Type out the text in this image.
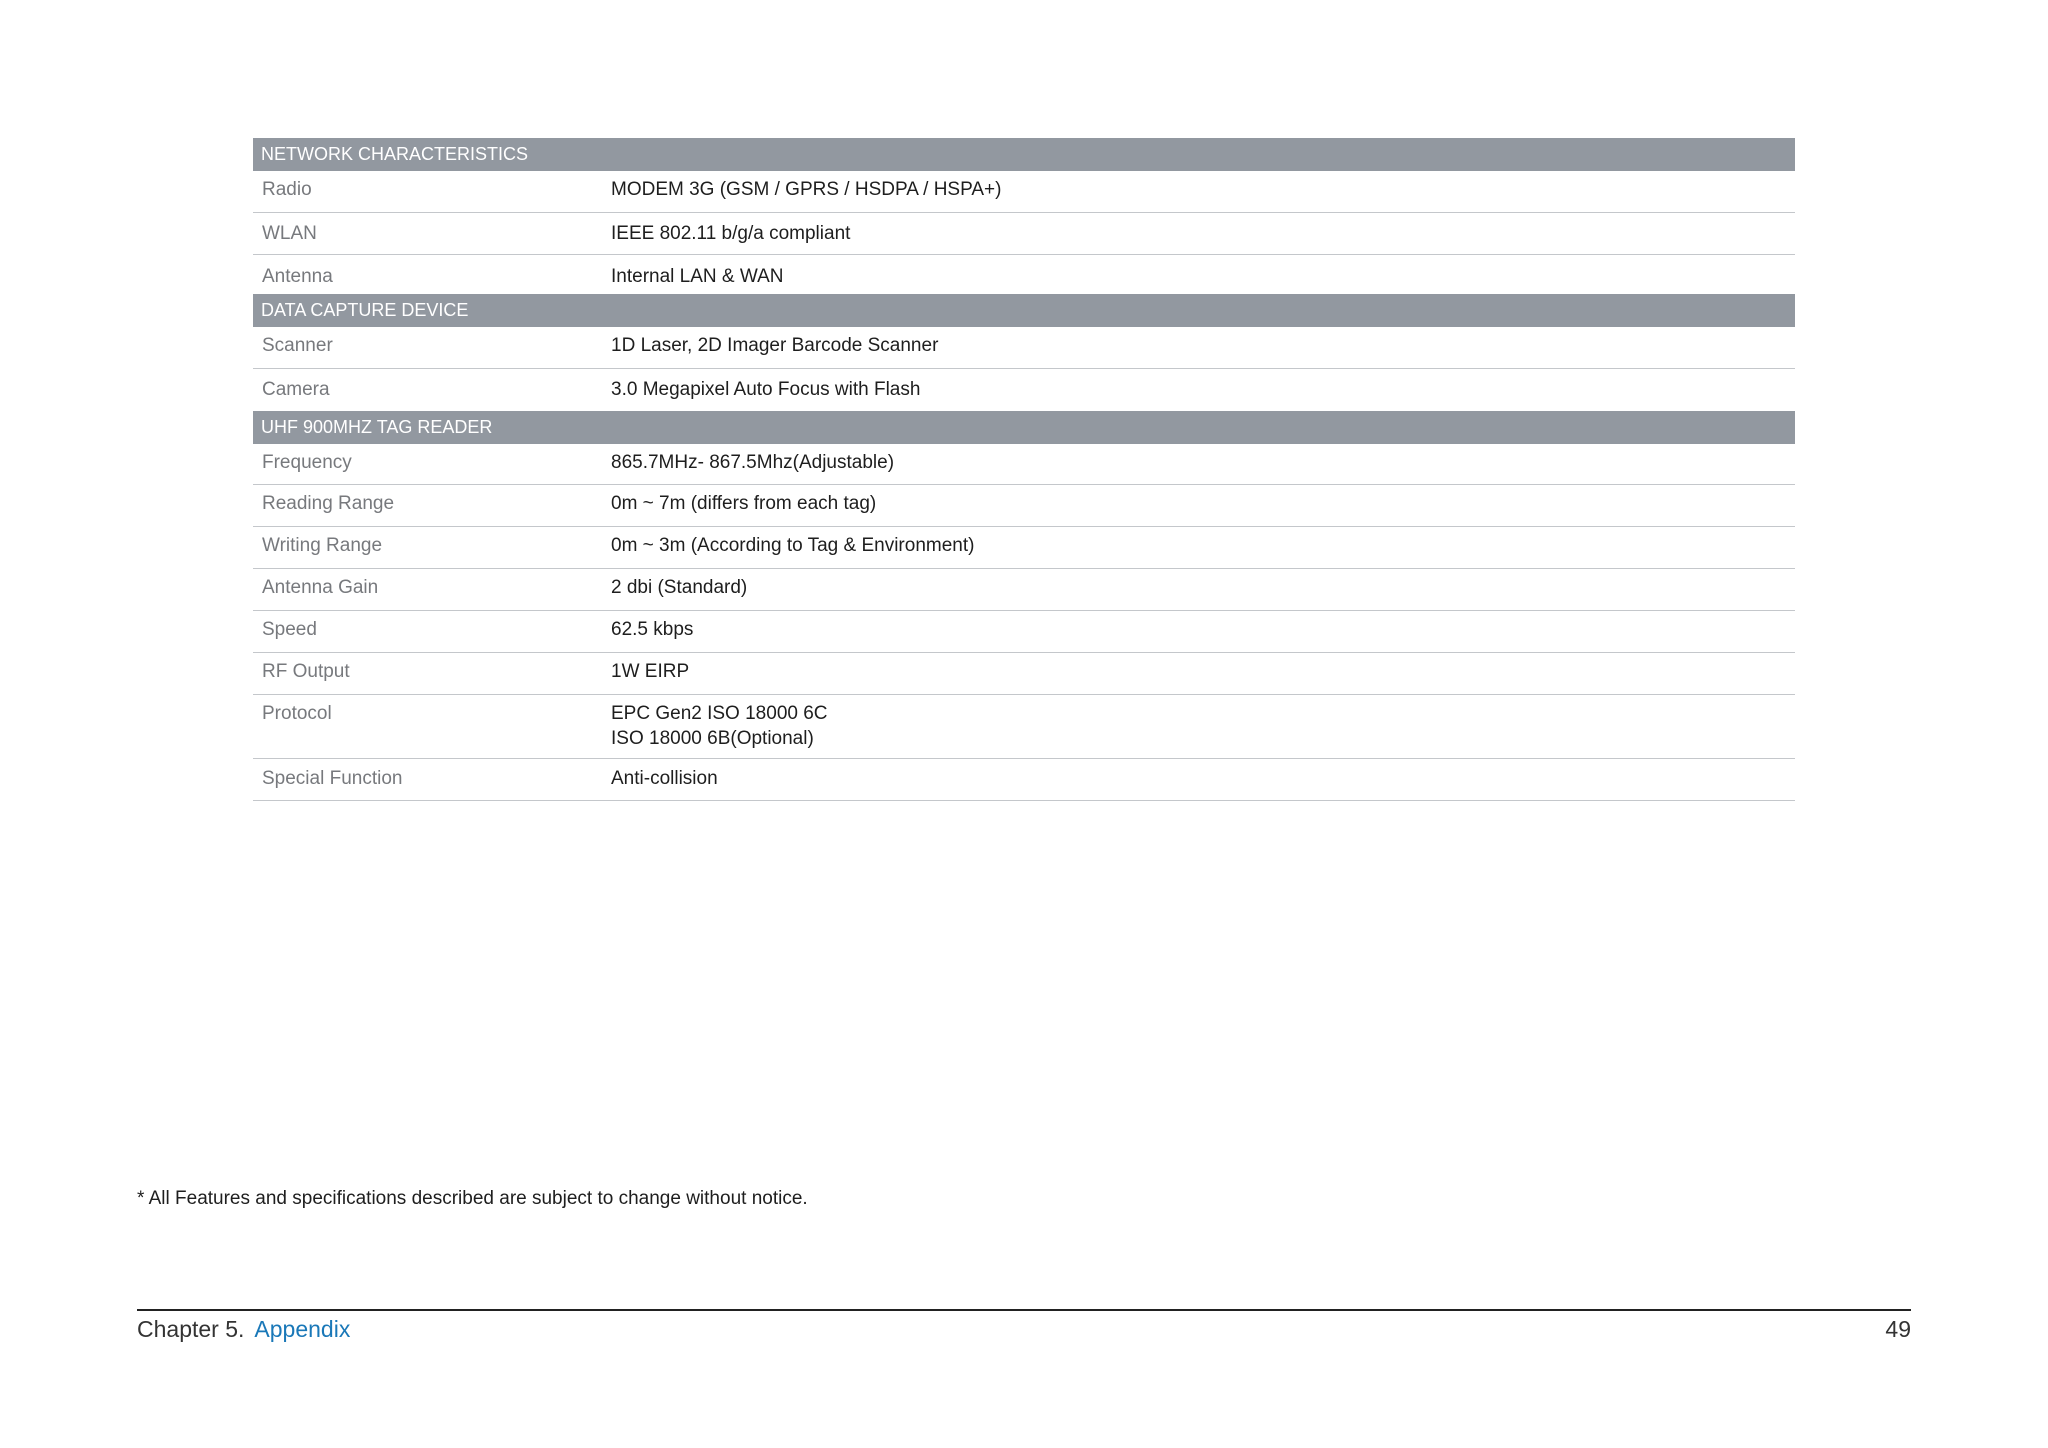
NETWORK CHARACTERISTICS
Radio	MODEM 3G (GSM / GPRS / HSDPA / HSPA+)
WLAN	IEEE 802.11 b/g/a compliant
Antenna	Internal LAN & WAN
DATA CAPTURE DEVICE
Scanner	1D Laser, 2D Imager Barcode Scanner
Camera	3.0 Megapixel Auto Focus with Flash
UHF 900MHZ TAG READER
Frequency	865.7MHz- 867.5Mhz(Adjustable)
Reading Range	0m ~ 7m (differs from each tag)
Writing Range	0m ~ 3m (According to Tag & Environment)
Antenna Gain	2 dbi (Standard)
Speed	62.5 kbps
RF Output	1W EIRP
Protocol	EPC Gen2 ISO 18000 6C
ISO 18000 6B(Optional)
Special Function	Anti-collision
* All Features and specifications described are subject to change without notice.
Chapter 5. Appendix	49
